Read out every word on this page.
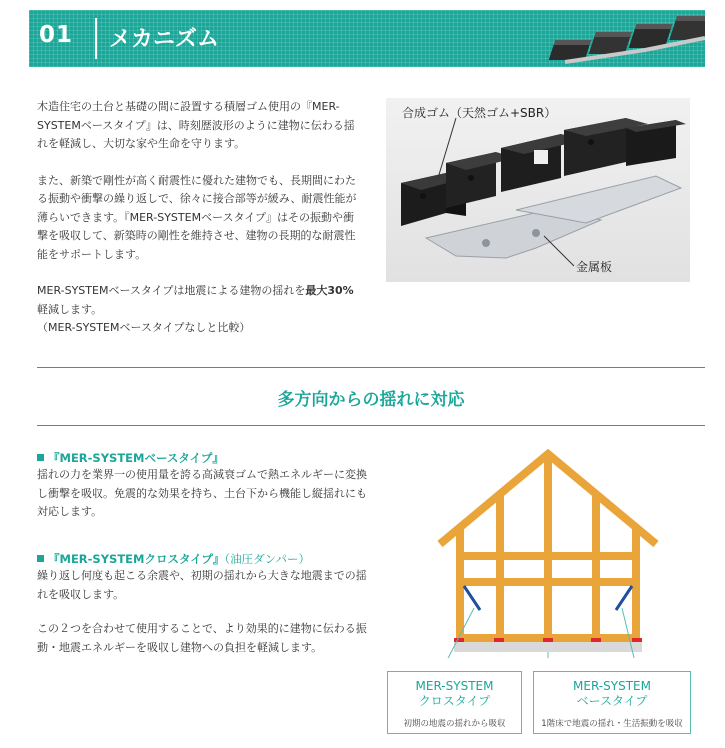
01 メカニズム

木造住宅の土台と基礎の間に設置する積層ゴム使用の『MER-SYSTEMベースタイプ』は、時刻歴波形のように建物に伝わる揺れを軽減し、大切な家や生命を守ります。

また、新築で剛性が高く耐震性に優れた建物でも、長期間にわたる振動や衝撃の繰り返しで、徐々に接合部等が緩み、耐震性能が薄らいできます。『MER-SYSTEMベースタイプ』はその振動や衝撃を吸収して、新築時の剛性を維持させ、建物の長期的な耐震性能をサポートします。

MER-SYSTEMベースタイプは地震による建物の揺れを最大30%軽減します。
（MER-SYSTEMベースタイプなしと比較）

合成ゴム（天然ゴム+SBR）
金属板
多方向からの揺れに対応
『MER-SYSTEMベースタイプ』
揺れの力を業界一の使用量を誇る高減衰ゴムで熱エネルギーに変換し衝撃を吸収。免震的な効果を持ち、土台下から機能し縦揺れにも対応します。
『MER-SYSTEMクロスタイプ』（油圧ダンパー）
繰り返し何度も起こる余震や、初期の揺れから大きな地震までの揺れを吸収します。
この２つを合わせて使用することで、より効果的に建物に伝わる振動・地震エネルギーを吸収し建物への負担を軽減します。
MER-SYSTEM
クロスタイプ
初期の地震の揺れから吸収
MER-SYSTEM
ベースタイプ
1階床で地震の揺れ・生活振動を吸収
